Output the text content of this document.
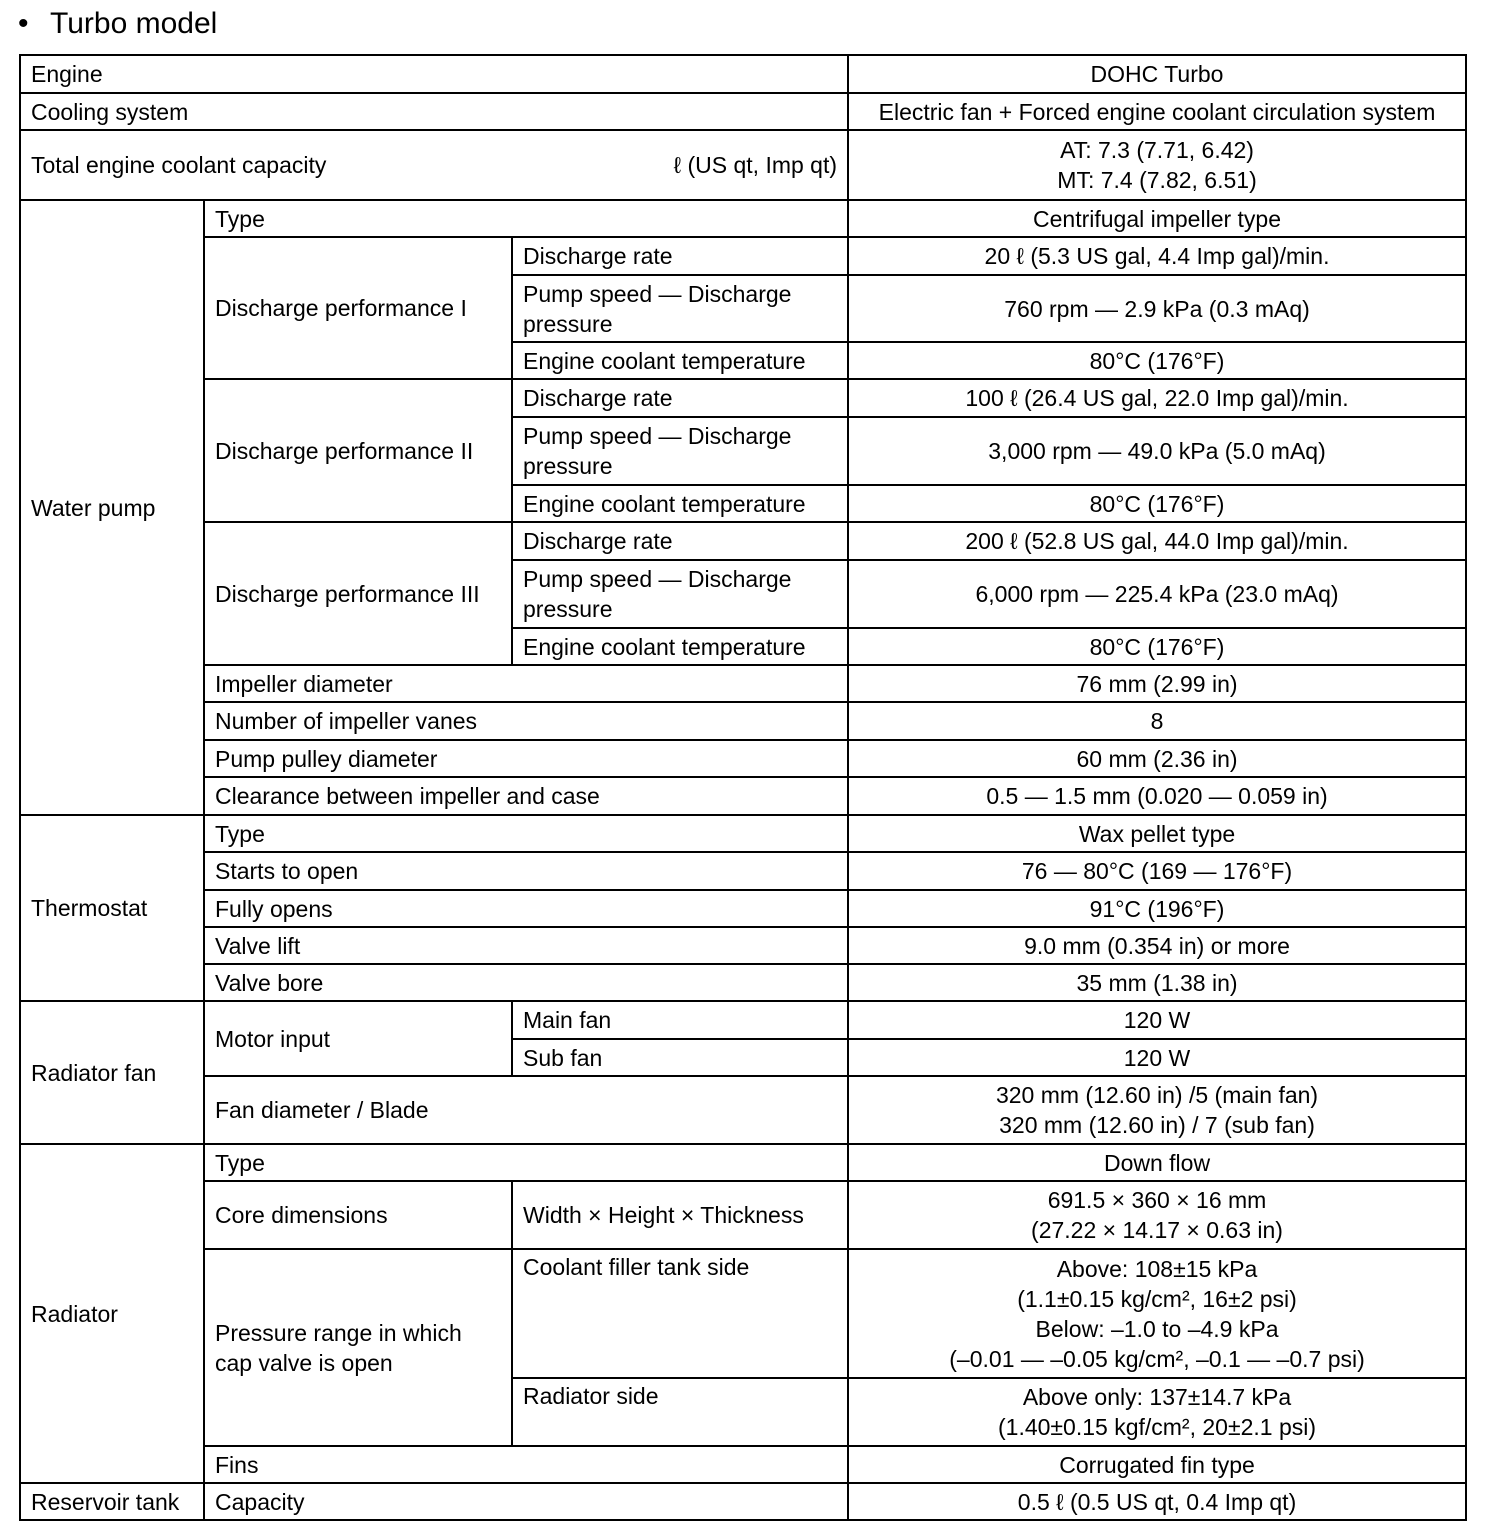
• Turbo model
Engine			DOHC Turbo
Cooling system			Electric fan + Forced engine coolant circulation system

Total engine coolant capacity ℓ (US qt, Imp qt)			AT: 7.3 (7.71, 6.42)
MT: 7.4 (7.82, 6.51)

Water pump	Type		Centrifugal impeller type
	Discharge performance I	Discharge rate	20 ℓ (5.3 US gal, 4.4 Imp gal)/min.
		Pump speed — Discharge pressure	760 rpm — 2.9 kPa (0.3 mAq)
		Engine coolant temperature	80°C (176°F)
	Discharge performance II	Discharge rate	100 ℓ (26.4 US gal, 22.0 Imp gal)/min.
		Pump speed — Discharge pressure	3,000 rpm — 49.0 kPa (5.0 mAq)
		Engine coolant temperature	80°C (176°F)
	Discharge performance III	Discharge rate	200 ℓ (52.8 US gal, 44.0 Imp gal)/min.
		Pump speed — Discharge pressure	6,000 rpm — 225.4 kPa (23.0 mAq)
		Engine coolant temperature	80°C (176°F)
	Impeller diameter		76 mm (2.99 in)
	Number of impeller vanes		8
	Pump pulley diameter		60 mm (2.36 in)
	Clearance between impeller and case		0.5 — 1.5 mm (0.020 — 0.059 in)
Thermostat	Type		Wax pellet type
	Starts to open		76 — 80°C (169 — 176°F)
	Fully opens		91°C (196°F)
	Valve lift		9.0 mm (0.354 in) or more
	Valve bore		35 mm (1.38 in)
Radiator fan	Motor input	Main fan	120 W
		Sub fan	120 W
	Fan diameter / Blade		320 mm (12.60 in) /5 (main fan)
320 mm (12.60 in) / 7 (sub fan)

Radiator	Type		Down flow
	Core dimensions	Width × Height × Thickness	691.5 × 360 × 16 mm
(27.22 × 14.17 × 0.63 in)

	Pressure range in which cap valve is open	Coolant filler tank side	Above: 108±15 kPa
(1.1±0.15 kg/cm², 16±2 psi)
Below: –1.0 to –4.9 kPa
(–0.01 — –0.05 kg/cm², –0.1 — –0.7 psi)

		Radiator side	Above only: 137±14.7 kPa
(1.40±0.15 kgf/cm², 20±2.1 psi)

	Fins		Corrugated fin type
Reservoir tank	Capacity		0.5 ℓ (0.5 US qt, 0.4 Imp qt)
